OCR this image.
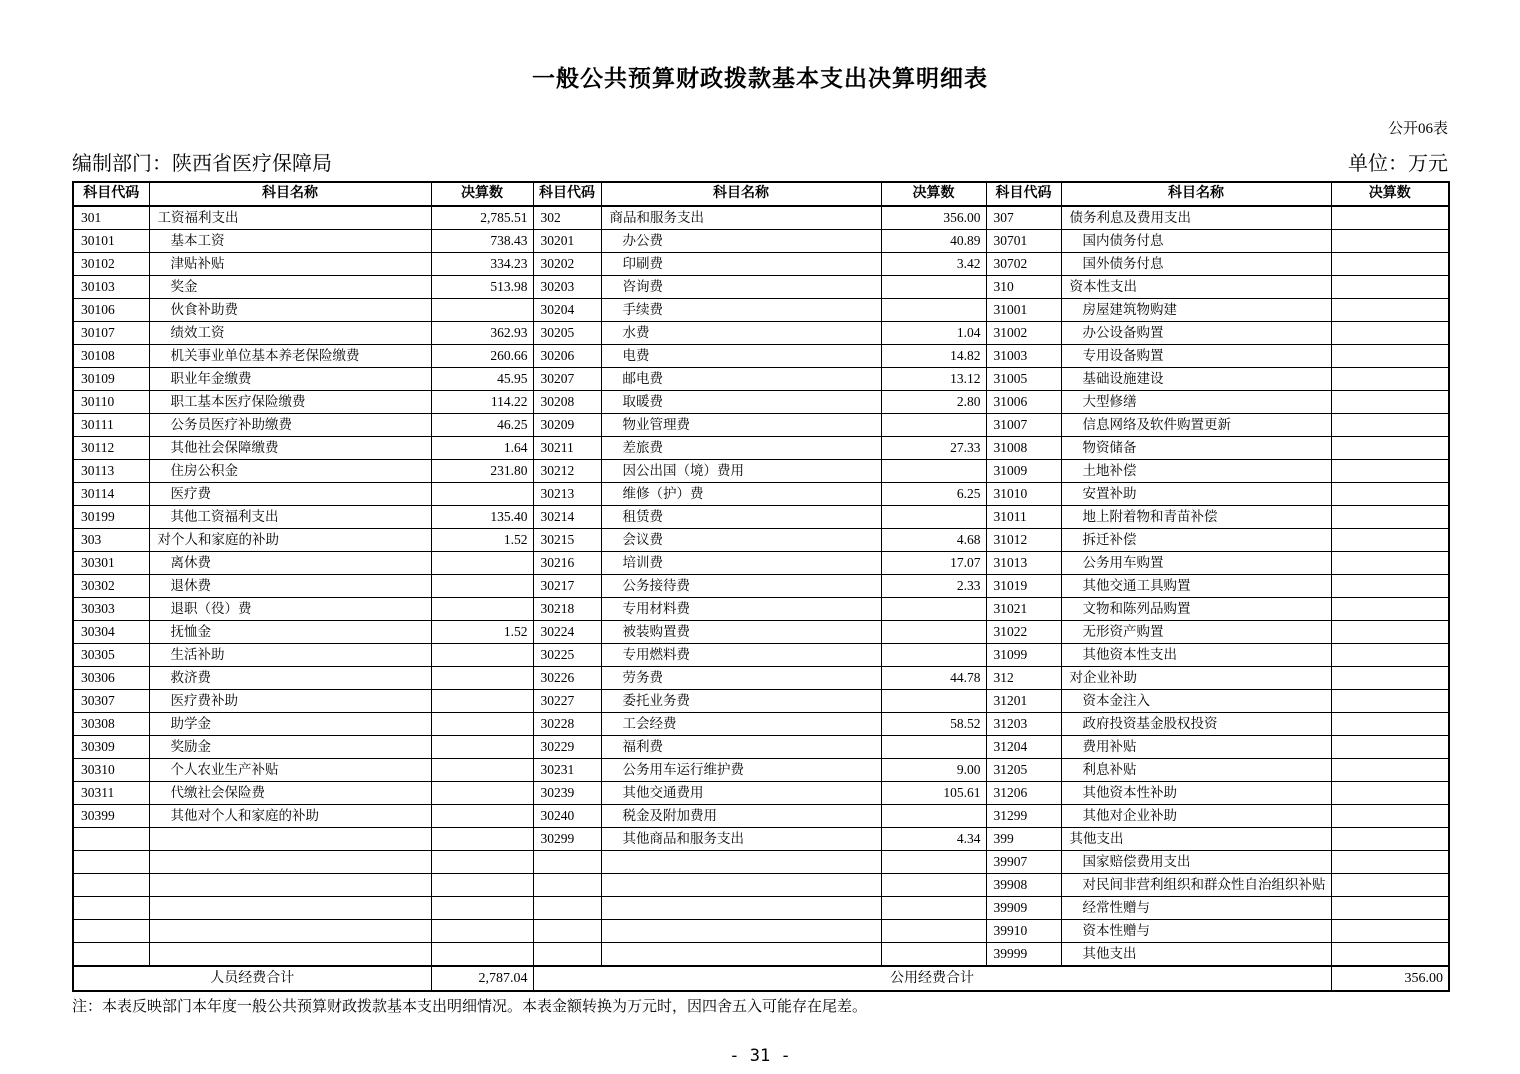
一般公共预算财政拨款基本支出决算明细表
公开06表
编制部门：陕西省医疗保障局	单位：万元
科目代码	科目名称	决算数	科目代码	科目名称	决算数	科目代码	科目名称	决算数
301	工资福利支出	2,785.51	302	商品和服务支出	356.00	307	债务利息及费用支出	
30101	基本工资	738.43	30201	办公费	40.89	30701	国内债务付息	
30102	津贴补贴	334.23	30202	印刷费	3.42	30702	国外债务付息	
30103	奖金	513.98	30203	咨询费		310	资本性支出	
30106	伙食补助费		30204	手续费		31001	房屋建筑物购建	
30107	绩效工资	362.93	30205	水费	1.04	31002	办公设备购置	
30108	机关事业单位基本养老保险缴费	260.66	30206	电费	14.82	31003	专用设备购置	
30109	职业年金缴费	45.95	30207	邮电费	13.12	31005	基础设施建设	
30110	职工基本医疗保险缴费	114.22	30208	取暖费	2.80	31006	大型修缮	
30111	公务员医疗补助缴费	46.25	30209	物业管理费		31007	信息网络及软件购置更新	
30112	其他社会保障缴费	1.64	30211	差旅费	27.33	31008	物资储备	
30113	住房公积金	231.80	30212	因公出国（境）费用		31009	土地补偿	
30114	医疗费		30213	维修（护）费	6.25	31010	安置补助	
30199	其他工资福利支出	135.40	30214	租赁费		31011	地上附着物和青苗补偿	
303	对个人和家庭的补助	1.52	30215	会议费	4.68	31012	拆迁补偿	
30301	离休费		30216	培训费	17.07	31013	公务用车购置	
30302	退休费		30217	公务接待费	2.33	31019	其他交通工具购置	
30303	退职（役）费		30218	专用材料费		31021	文物和陈列品购置	
30304	抚恤金	1.52	30224	被装购置费		31022	无形资产购置	
30305	生活补助		30225	专用燃料费		31099	其他资本性支出	
30306	救济费		30226	劳务费	44.78	312	对企业补助	
30307	医疗费补助		30227	委托业务费		31201	资本金注入	
30308	助学金		30228	工会经费	58.52	31203	政府投资基金股权投资	
30309	奖励金		30229	福利费		31204	费用补贴	
30310	个人农业生产补贴		30231	公务用车运行维护费	9.00	31205	利息补贴	
30311	代缴社会保险费		30239	其他交通费用	105.61	31206	其他资本性补助	
30399	其他对个人和家庭的补助		30240	税金及附加费用		31299	其他对企业补助	
			30299	其他商品和服务支出	4.34	399	其他支出	
						39907	国家赔偿费用支出	
						39908	对民间非营利组织和群众性自治组织补贴	
						39909	经常性赠与	
						39910	资本性赠与	
						39999	其他支出	
人员经费合计		2,787.04	公用经费合计					356.00
注：本表反映部门本年度一般公共预算财政拨款基本支出明细情况。本表金额转换为万元时，因四舍五入可能存在尾差。
- 31 -
